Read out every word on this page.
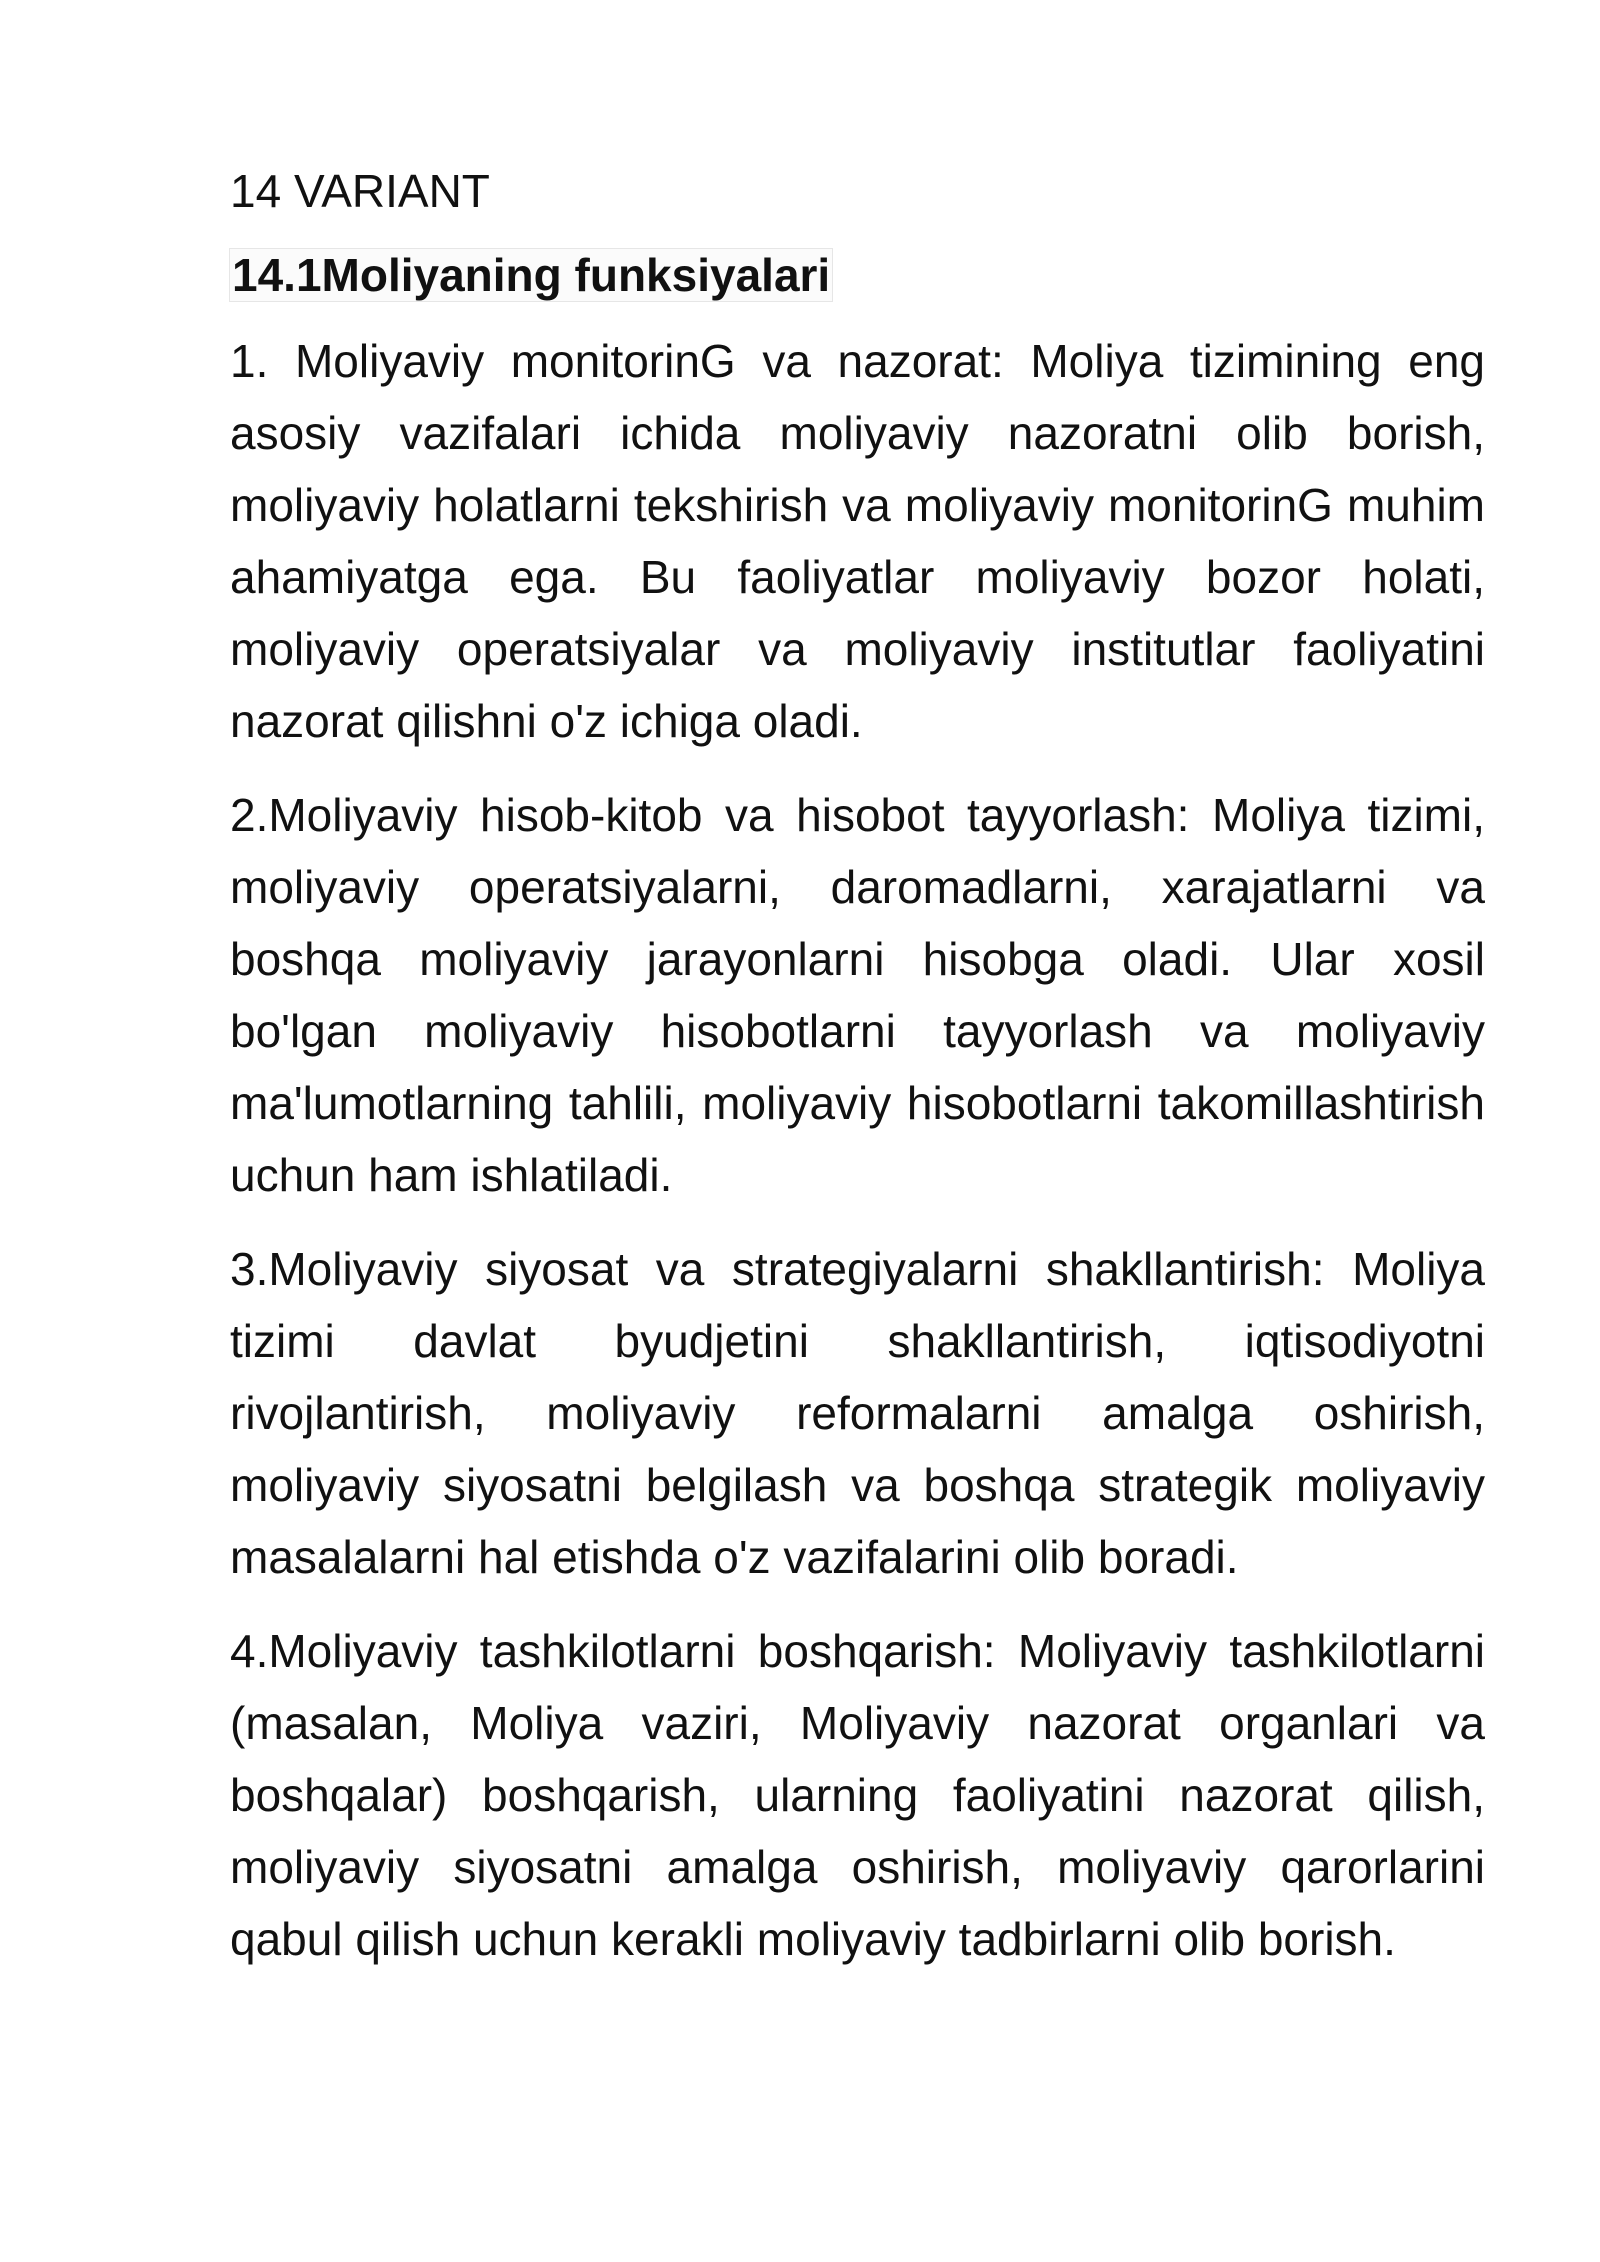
14 VARIANT
14.1Moliyaning funksiyalari

1. Moliyaviy monitorinG va nazorat: Moliya tizimining eng asosiy vazifalari ichida moliyaviy nazoratni olib borish, moliyaviy holatlarni tekshirish va moliyaviy monitorinG muhim ahamiyatga ega. Bu faoliyatlar moliyaviy bozor holati, moliyaviy operatsiyalar va moliyaviy institutlar faoliyatini nazorat qilishni o'z ichiga oladi.

2.Moliyaviy hisob-kitob va hisobot tayyorlash: Moliya tizimi, moliyaviy operatsiyalarni, daromadlarni, xarajatlarni va boshqa moliyaviy jarayonlarni hisobga oladi. Ular xosil bo'lgan moliyaviy hisobotlarni tayyorlash va moliyaviy ma'lumotlarning tahlili, moliyaviy hisobotlarni takomillashtirish uchun ham ishlatiladi.

3.Moliyaviy siyosat va strategiyalarni shakllantirish: Moliya tizimi davlat byudjetini shakllantirish, iqtisodiyotni rivojlantirish, moliyaviy reformalarni amalga oshirish, moliyaviy siyosatni belgilash va boshqa strategik moliyaviy masalalarni hal etishda o'z vazifalarini olib boradi.

4.Moliyaviy tashkilotlarni boshqarish: Moliyaviy tashkilotlarni (masalan, Moliya vaziri, Moliyaviy nazorat organlari va boshqalar) boshqarish, ularning faoliyatini nazorat qilish, moliyaviy siyosatni amalga oshirish, moliyaviy qarorlarini qabul qilish uchun kerakli moliyaviy tadbirlarni olib borish.
